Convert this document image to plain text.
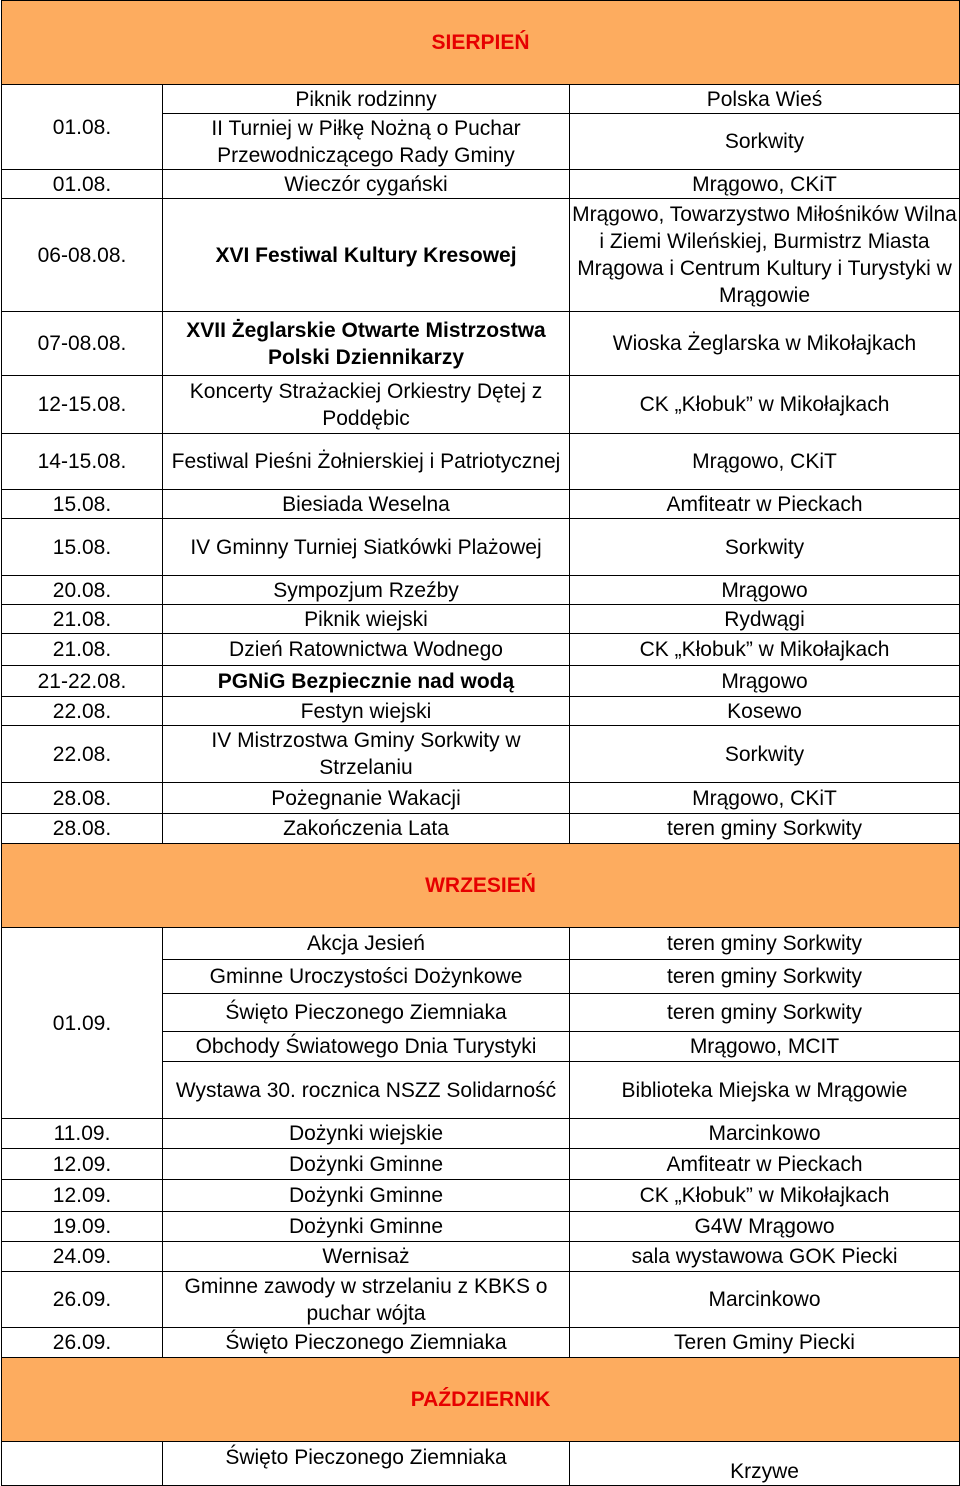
SIERPIEŃ		
01.08.	Piknik rodzinny	Polska Wieś
	II Turniej w Piłkę Nożną o Puchar Przewodniczącego Rady Gminy	Sorkwity
01.08.	Wieczór cygański	Mrągowo, CKiT
06-08.08.	XVI Festiwal Kultury Kresowej	Mrągowo, Towarzystwo Miłośników Wilna i Ziemi Wileńskiej, Burmistrz Miasta Mrągowa i Centrum Kultury i Turystyki w Mrągowie
07-08.08.	XVII Żeglarskie Otwarte Mistrzostwa Polski Dziennikarzy	Wioska Żeglarska w Mikołajkach
12-15.08.	Koncerty Strażackiej Orkiestry Dętej z Poddębic	CK „Kłobuk” w Mikołajkach
14-15.08.	Festiwal Pieśni Żołnierskiej i Patriotycznej	Mrągowo, CKiT
15.08.	Biesiada Weselna	Amfiteatr w Pieckach
15.08.	IV Gminny Turniej Siatkówki Plażowej	Sorkwity
20.08.	Sympozjum Rzeźby	Mrągowo
21.08.	Piknik wiejski	Rydwągi
21.08.	Dzień Ratownictwa Wodnego	CK „Kłobuk” w Mikołajkach
21-22.08.	PGNiG Bezpiecznie nad wodą	Mrągowo
22.08.	Festyn wiejski	Kosewo
22.08.	IV Mistrzostwa Gminy Sorkwity w Strzelaniu	Sorkwity
28.08.	Pożegnanie Wakacji	Mrągowo, CKiT
28.08.	Zakończenia Lata	teren gminy Sorkwity
WRZESIEŃ		
01.09.	Akcja Jesień	teren gminy Sorkwity
	Gminne Uroczystości Dożynkowe	teren gminy Sorkwity
	Święto Pieczonego Ziemniaka	teren gminy Sorkwity
	Obchody Światowego Dnia Turystyki	Mrągowo, MCIT
	Wystawa 30. rocznica NSZZ Solidarność	Biblioteka Miejska w Mrągowie
11.09.	Dożynki wiejskie	Marcinkowo
12.09.	Dożynki Gminne	Amfiteatr w Pieckach
12.09.	Dożynki Gminne	CK „Kłobuk” w Mikołajkach
19.09.	Dożynki Gminne	G4W Mrągowo
24.09.	Wernisaż	sala wystawowa GOK Piecki
26.09.	Gminne zawody w strzelaniu z KBKS o puchar wójta	Marcinkowo
26.09.	Święto Pieczonego Ziemniaka	Teren Gminy Piecki
PAŹDZIERNIK		
	Święto Pieczonego Ziemniaka	Krzywe
